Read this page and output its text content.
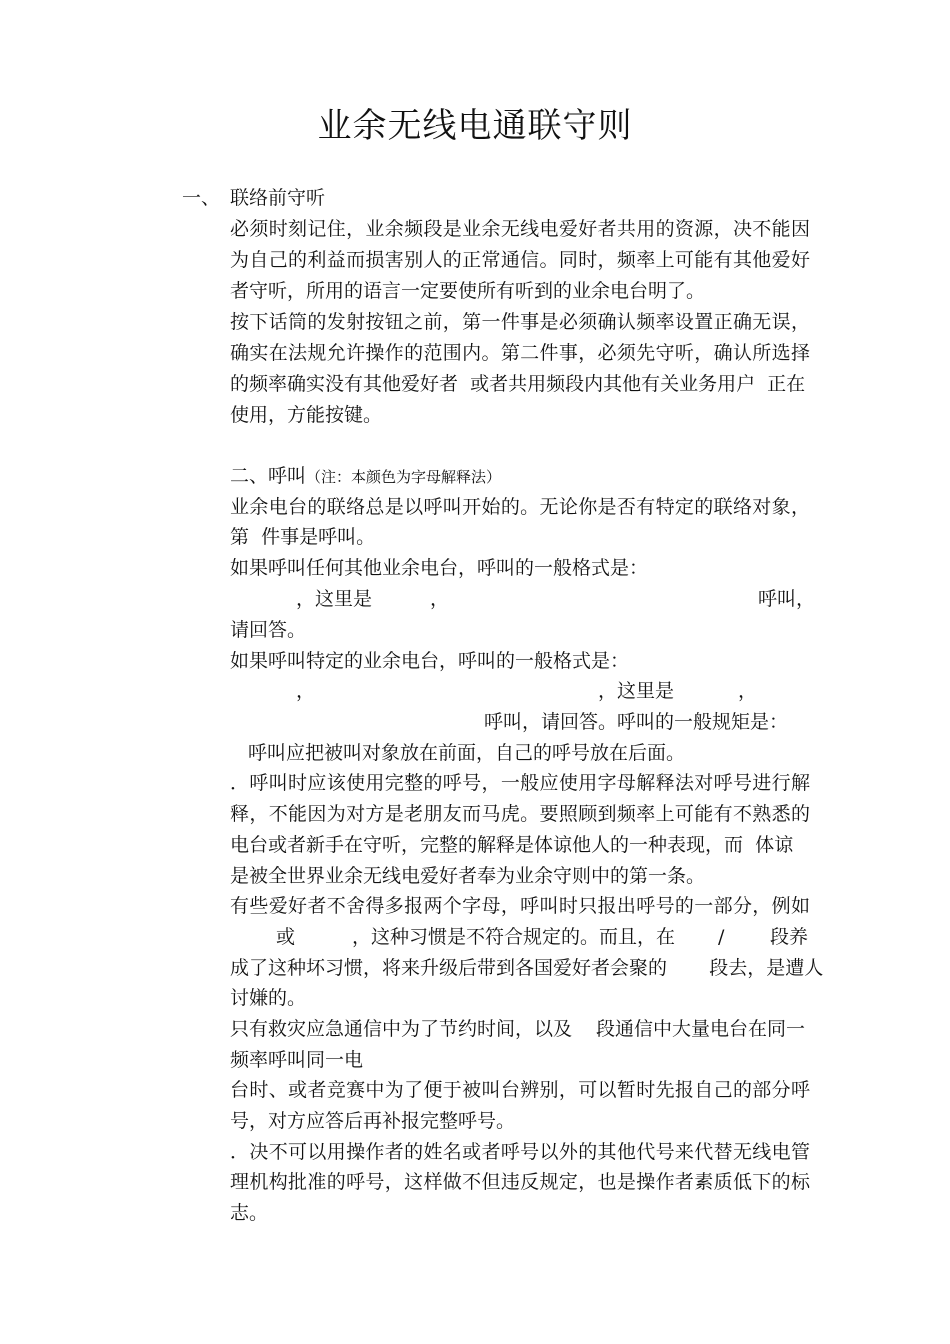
业余无线电通联守则
一、 联络前守听
必须时刻记住，业余频段是业余无线电爱好者共用的资源，决不能因
为自己的利益而损害别人的正常通信。同时，频率上可能有其他爱好
者守听，所用的语言一定要使所有听到的业余电台明了。
按下话筒的发射按钮之前，第一件事是必须确认频率设置正确无误，
确实在法规允许操作的范围内。第二件事，必须先守听，确认所选择
的频率确实没有其他爱好者  或者共用频段内其他有关业务用户  正在
使用，方能按键。
二、呼叫（注：本颜色为字母解释法）
业余电台的联络总是以呼叫开始的。无论你是否有特定的联络对象，
第  件事是呼叫。
如果呼叫任何其他业余电台，呼叫的一般格式是：
，这里是	，	呼叫，
请回答。
如果呼叫特定的业余电台，呼叫的一般格式是：
，	，这里是	，
呼叫，请回答。呼叫的一般规矩是：
呼叫应把被叫对象放在前面，自己的呼号放在后面。
．呼叫时应该使用完整的呼号，一般应使用字母解释法对呼号进行解
释，不能因为对方是老朋友而马虎。要照顾到频率上可能有不熟悉的
电台或者新手在守听，完整的解释是体谅他人的一种表现，而  体谅
是被全世界业余无线电爱好者奉为业余守则中的第一条。
有些爱好者不舍得多报两个字母，呼叫时只报出呼号的一部分，例如
或	，这种习惯是不符合规定的。而且，在 / 段养
成了这种坏习惯，将来升级后带到各国爱好者会聚的       段去，是遭人
讨嫌的。
只有救灾应急通信中为了节约时间，以及 段通信中大量电台在同一
频率呼叫同一电
台时、或者竞赛中为了便于被叫台辨别，可以暂时先报自己的部分呼
号，对方应答后再补报完整呼号。
．决不可以用操作者的姓名或者呼号以外的其他代号来代替无线电管
理机构批准的呼号，这样做不但违反规定，也是操作者素质低下的标
志。
